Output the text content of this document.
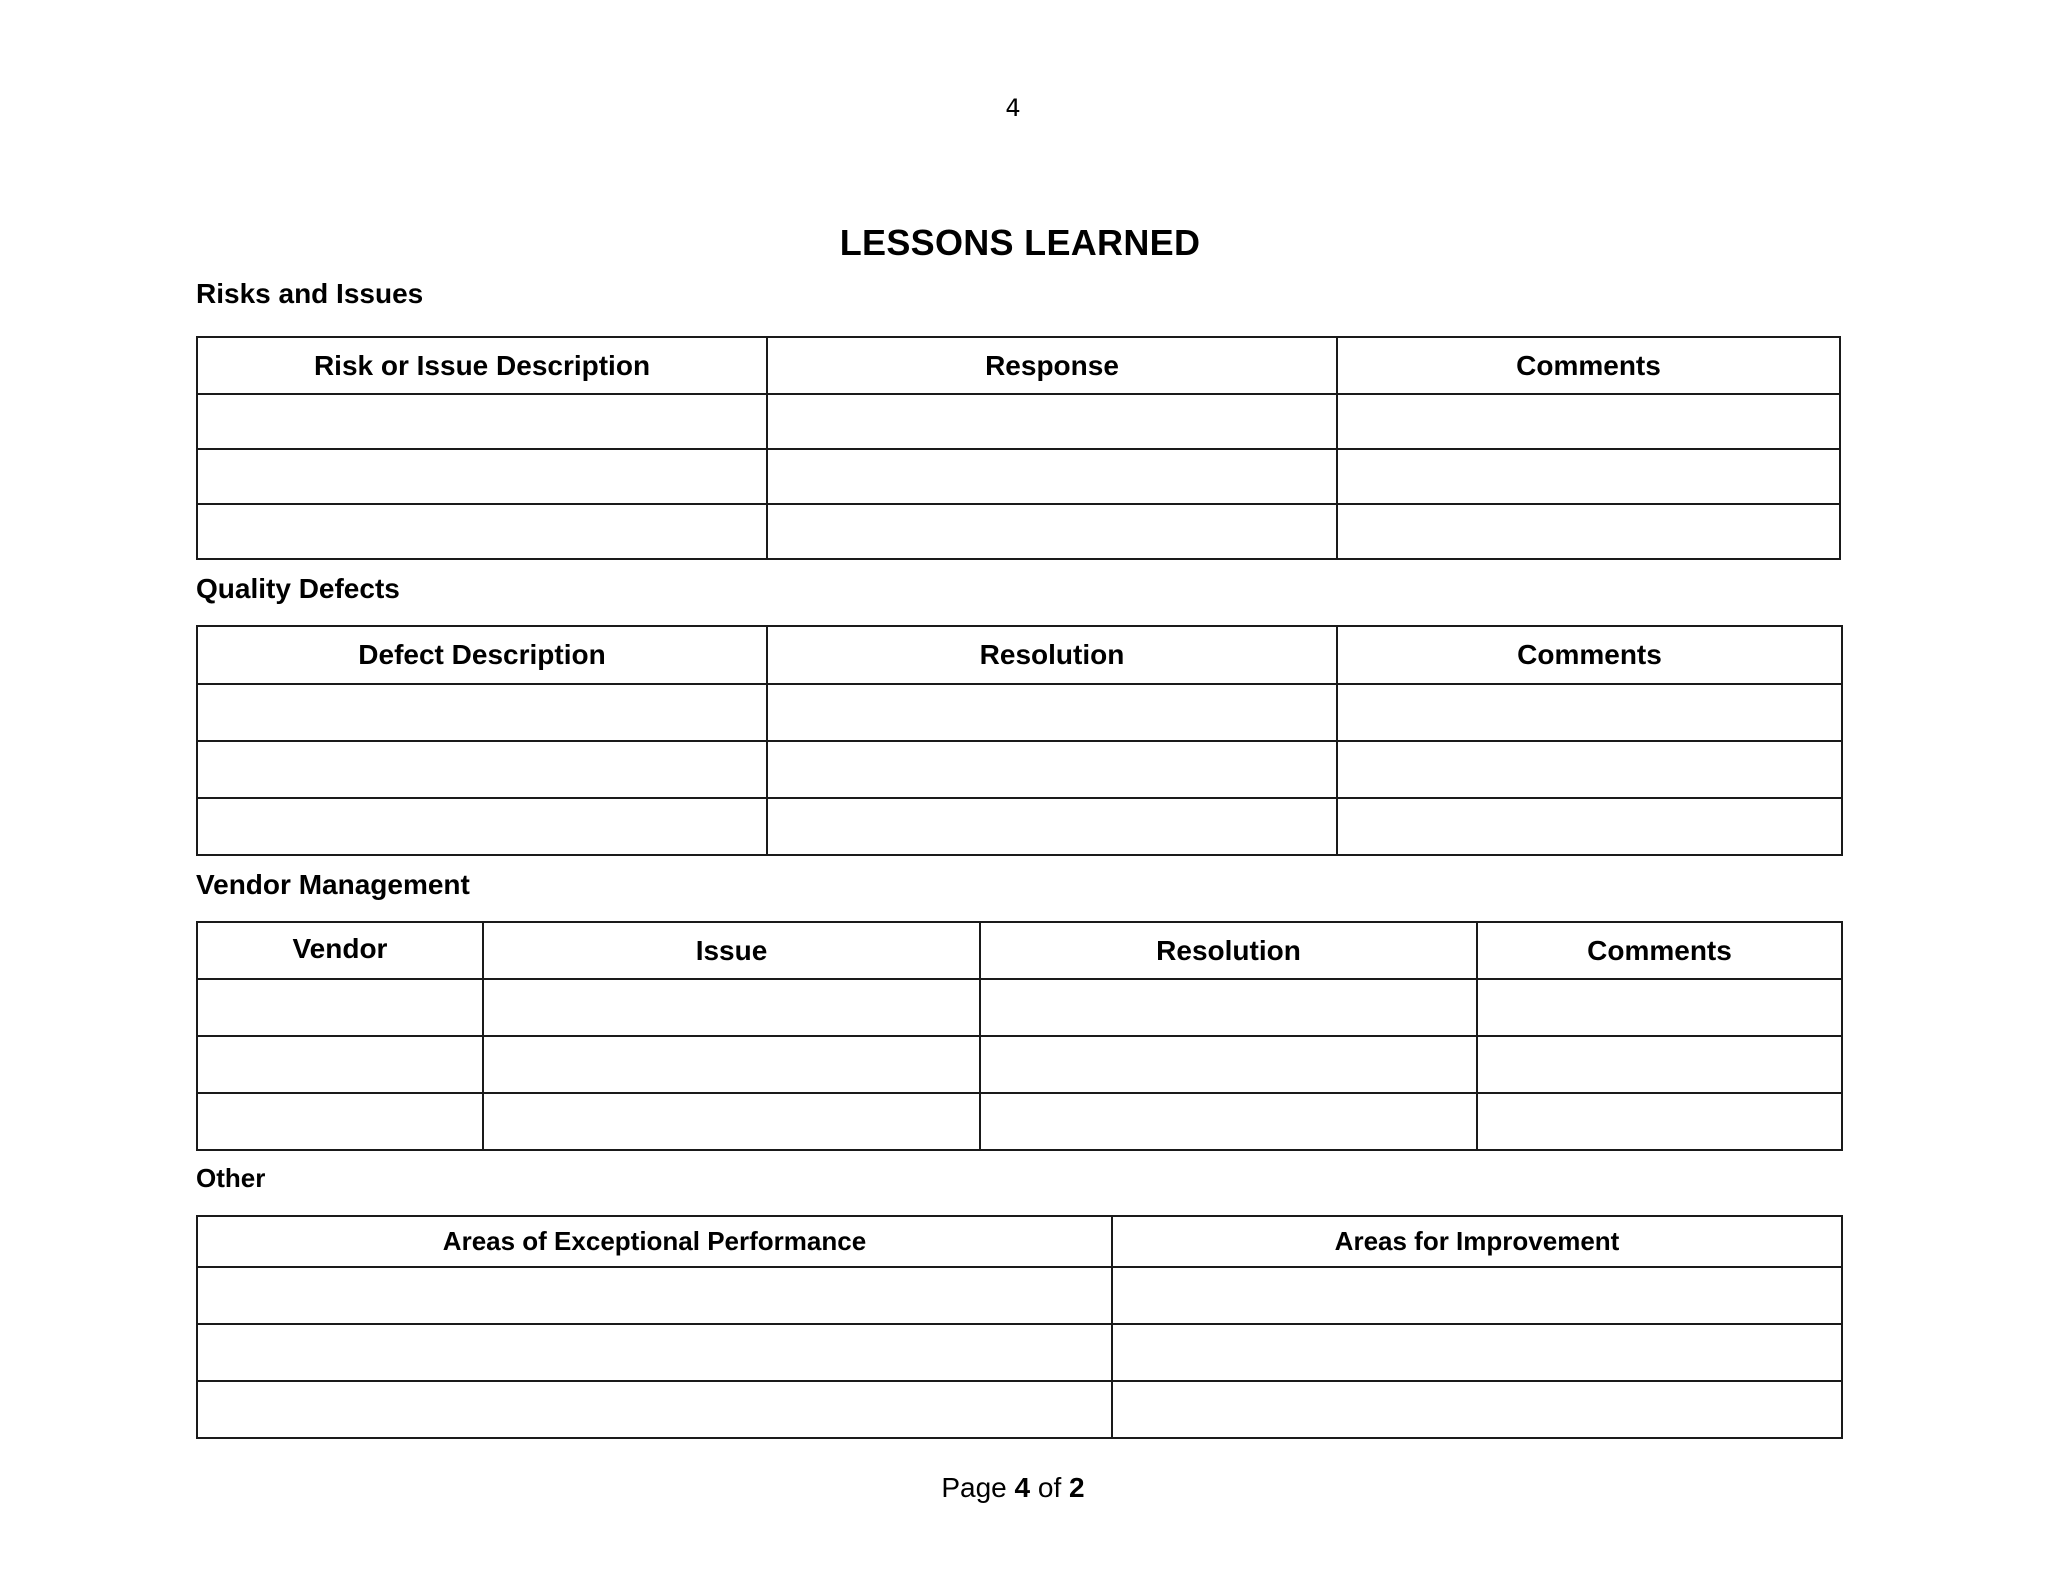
4
LESSONS LEARNED
Risks and Issues
Risk or Issue Description	Response	Comments

Quality Defects
Defect Description	Resolution	Comments

Vendor Management
Vendor	Issue	Resolution	Comments

Other
Areas of Exceptional Performance	Areas for Improvement

Page 4 of 2
